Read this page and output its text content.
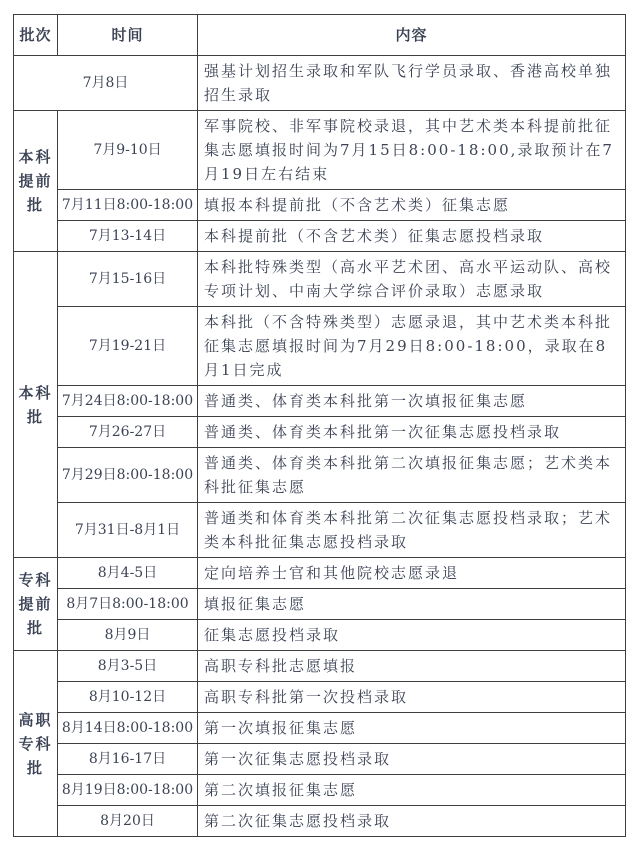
批次	时间	内容
7月8日		强基计划招生录取和军队飞行学员录取、香港高校单独招生录取
本科提前批	7月9-10日	军事院校、非军事院校录退，其中艺术类本科提前批征集志愿填报时间为7月15日8:00-18:00,录取预计在7月19日左右结束
	7月11日8:00-18:00	填报本科提前批（不含艺术类）征集志愿
	7月13-14日	本科提前批（不含艺术类）征集志愿投档录取
本科批	7月15-16日	本科批特殊类型（高水平艺术团、高水平运动队、高校专项计划、中南大学综合评价录取）志愿录取
	7月19-21日	本科批（不含特殊类型）志愿录退，其中艺术类本科批征集志愿填报时间为7月29日8:00-18:00，录取在8月1日完成
	7月24日8:00-18:00	普通类、体育类本科批第一次填报征集志愿
	7月26-27日	普通类、体育类本科批第一次征集志愿投档录取
	7月29日8:00-18:00	普通类、体育类本科批第二次填报征集志愿；艺术类本科批征集志愿
	7月31日-8月1日	普通类和体育类本科批第二次征集志愿投档录取；艺术类本科批征集志愿投档录取
专科提前批	8月4-5日	定向培养士官和其他院校志愿录退
	8月7日8:00-18:00	填报征集志愿
	8月9日	征集志愿投档录取
高职专科批	8月3-5日	高职专科批志愿填报
	8月10-12日	高职专科批第一次投档录取
	8月14日8:00-18:00	第一次填报征集志愿
	8月16-17日	第一次征集志愿投档录取
	8月19日8:00-18:00	第二次填报征集志愿
	8月20日	第二次征集志愿投档录取
